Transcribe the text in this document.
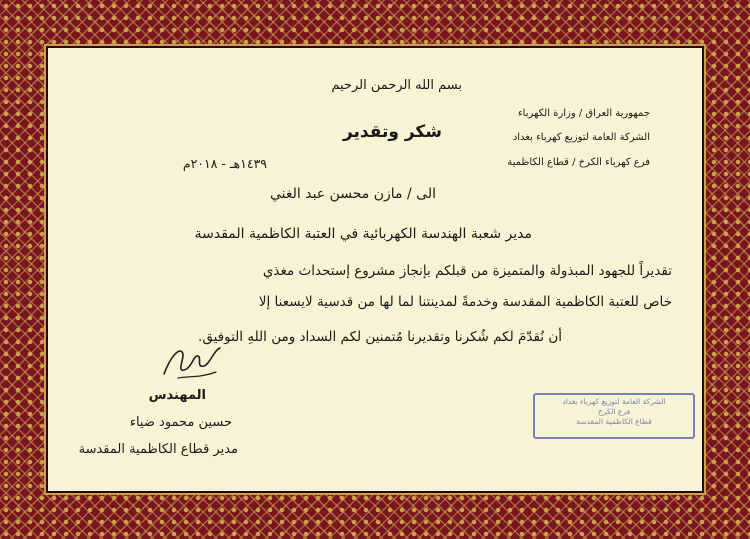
بسم الله الرحمن الرحيم
جمهورية العراق / وزارة الكهرباء
الشركة العامة لتوزيع كهرباء بغداد
فرع كهرباء الكرخ / قطاع الكاظمية
شكر وتقدير
١٤٣٩هـ - ٢٠١٨م
الى / مازن محسن عبد الغني
مدير شعبة الهندسة الكهربائية في العتبة الكاظمية المقدسة
تقديراً للجهود المبذولة والمتميزة من قبلكم بإنجاز مشروع إستحداث مغذي
خاص للعتبة الكاظمية المقدسة وخدمةً لمدينتنا لما لها من قدسية لايسعنا إلا
أن نُقدّمَ لكم شُكرنا وتقديرنا مُتمنين لكم السداد ومن اللهِ التوفيق.
المهندس
حسين محمود ضياء
مدير قطاع الكاظمية المقدسة
الشركة العامة لتوزيع كهرباء بغداد
فرع الكرخ
قطاع الكاظمية المقدسة
